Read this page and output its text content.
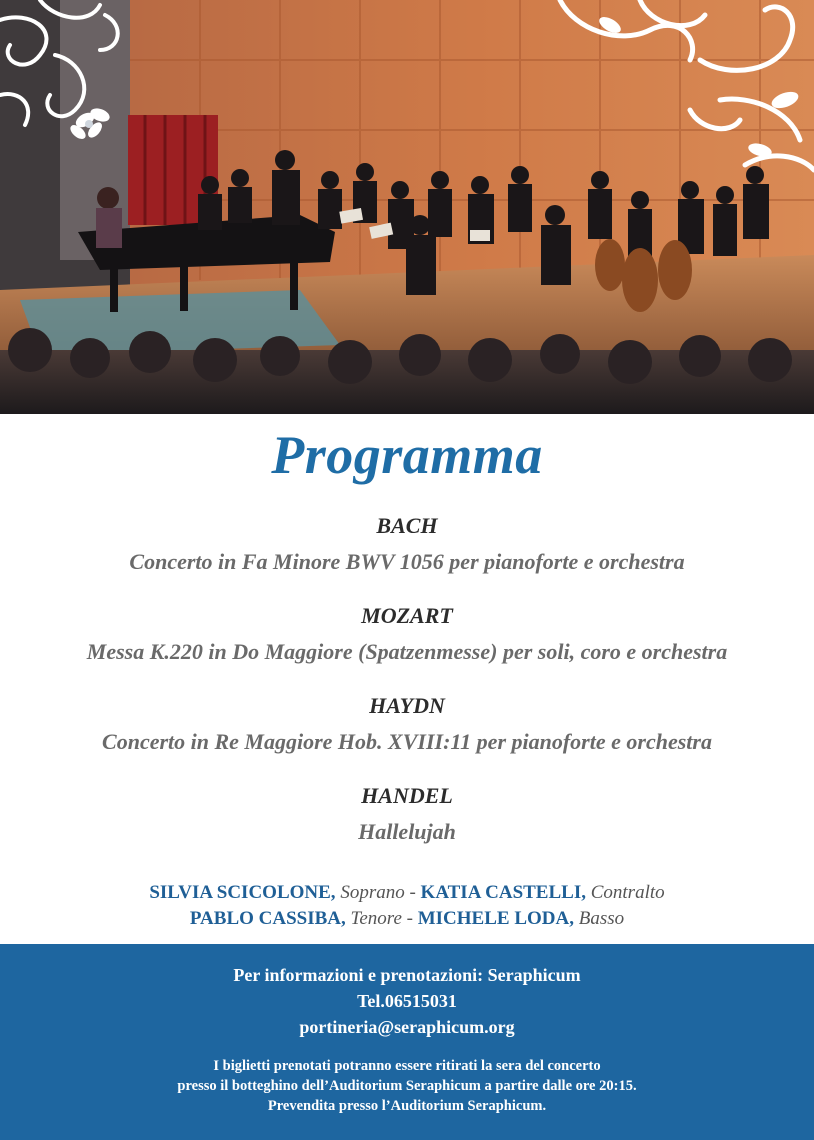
Programma
BACH
Concerto in Fa Minore BWV 1056 per pianoforte e orchestra
MOZART
Messa K.220 in Do Maggiore (Spatzenmesse) per soli, coro e orchestra
HAYDN
Concerto in Re Maggiore Hob. XVIII:11 per pianoforte e orchestra
HANDEL
Hallelujah
SILVIA SCICOLONE, Soprano - KATIA CASTELLI, Contralto
PABLO CASSIBA, Tenore - MICHELE LODA, Basso
Per informazioni e prenotazioni: Seraphicum
Tel.06515031
portineria@seraphicum.org
I biglietti prenotati potranno essere ritirati la sera del concerto
presso il botteghino dell’Auditorium Seraphicum a partire dalle ore 20:15.
Prevendita presso l’Auditorium Seraphicum.
